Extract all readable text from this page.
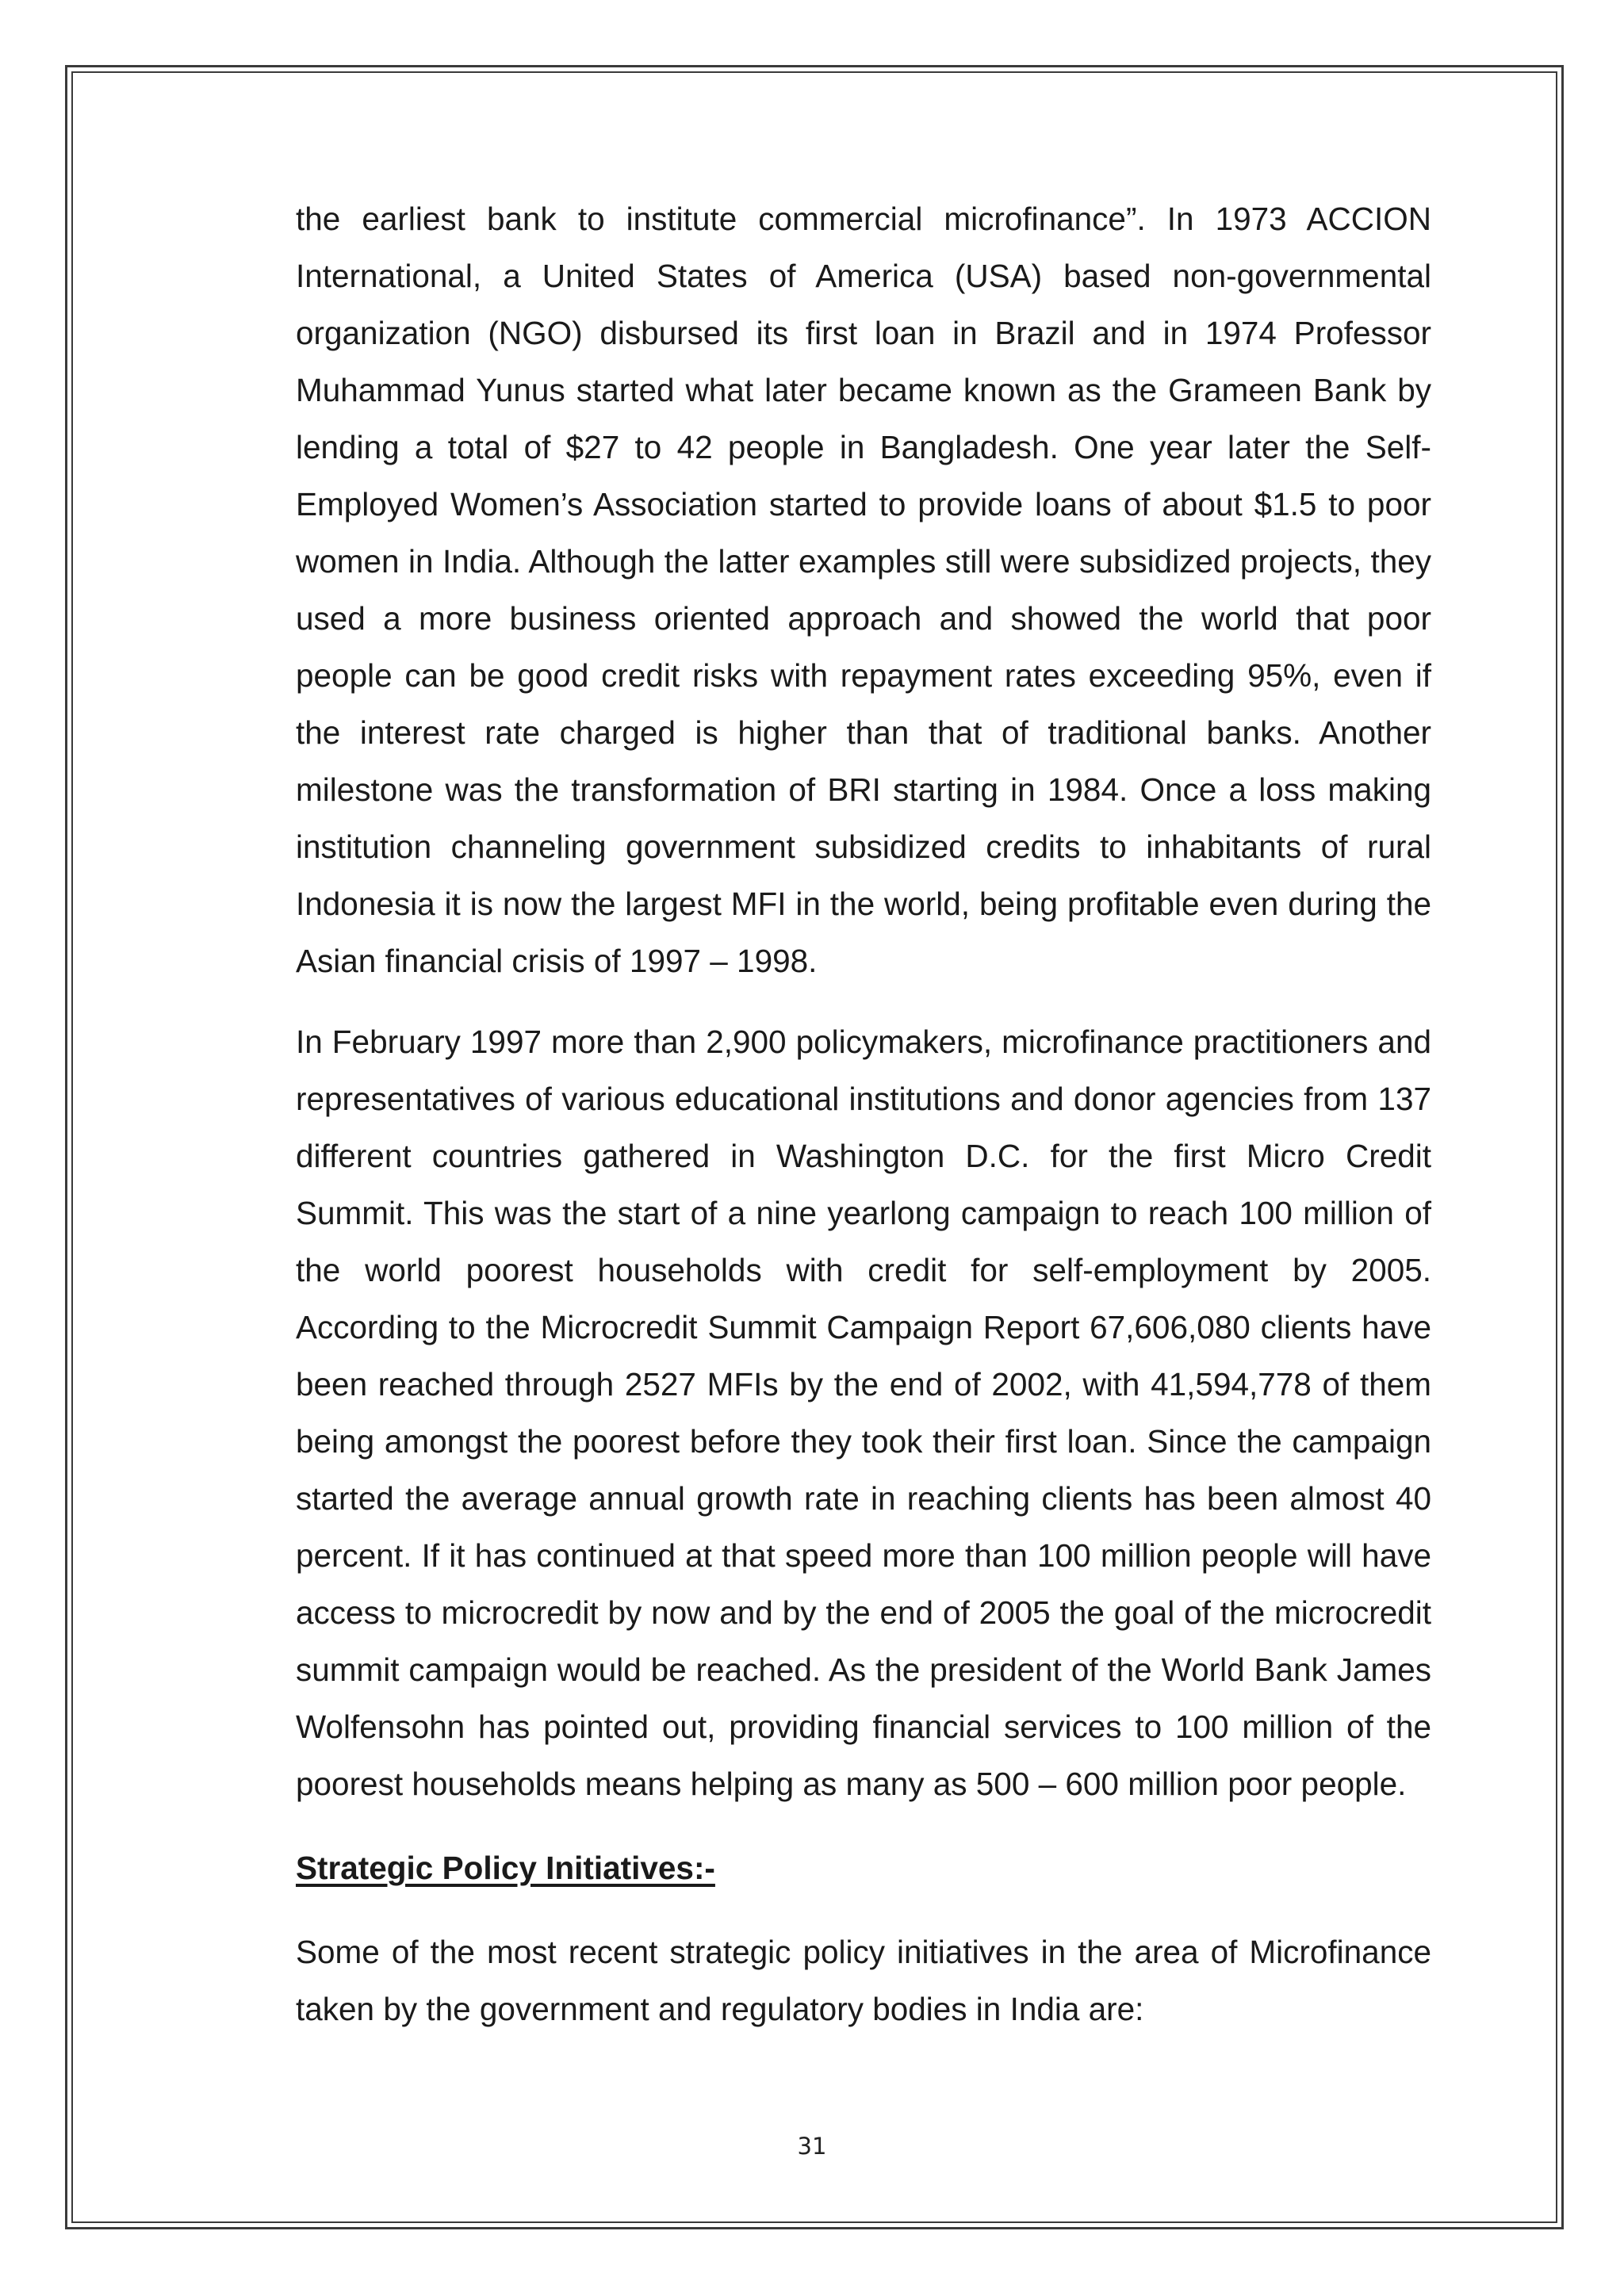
the earliest bank to institute commercial microfinance”. In 1973 ACCION International, a United States of America (USA) based non-governmental organization (NGO) disbursed its first loan in Brazil and in 1974 Professor Muhammad Yunus started what later became known as the Grameen Bank by lending a total of $27 to 42 people in Bangladesh. One year later the Self-Employed Women’s Association started to provide loans of about $1.5 to poor women in India. Although the latter examples still were subsidized projects, they used a more business oriented approach and showed the world that poor people can be good credit risks with repayment rates exceeding 95%, even if the interest rate charged is higher than that of traditional banks. Another milestone was the transformation of BRI starting in 1984. Once a loss making institution channeling government subsidized credits to inhabitants of rural Indonesia it is now the largest MFI in the world, being profitable even during the Asian financial crisis of 1997 – 1998.

In February 1997 more than 2,900 policymakers, microfinance practitioners and representatives of various educational institutions and donor agencies from 137 different countries gathered in Washington D.C. for the first Micro Credit Summit. This was the start of a nine yearlong campaign to reach 100 million of the world poorest households with credit for self-employment by 2005. According to the Microcredit Summit Campaign Report 67,606,080 clients have been reached through 2527 MFIs by the end of 2002, with 41,594,778 of them being amongst the poorest before they took their first loan. Since the campaign started the average annual growth rate in reaching clients has been almost 40 percent. If it has continued at that speed more than 100 million people will have access to microcredit by now and by the end of 2005 the goal of the microcredit summit campaign would be reached. As the president of the World Bank James Wolfensohn has pointed out, providing financial services to 100 million of the poorest households means helping as many as 500 – 600 million poor people.

Strategic Policy Initiatives:-

Some of the most recent strategic policy initiatives in the area of Microfinance taken by the government and regulatory bodies in India are:

31
